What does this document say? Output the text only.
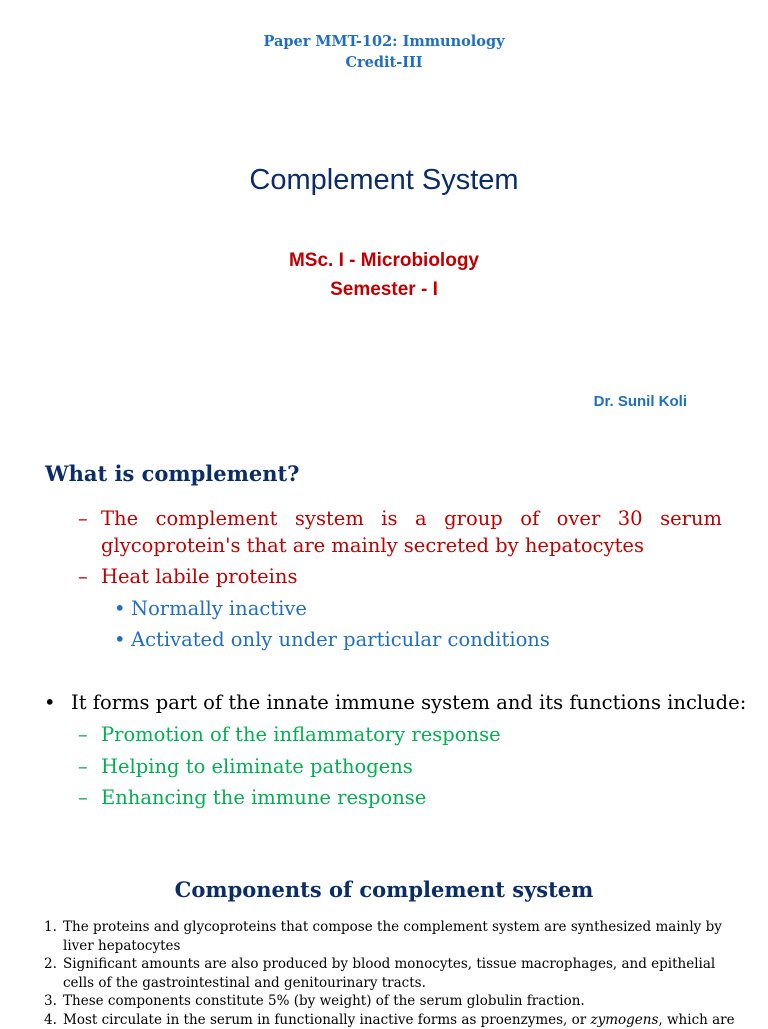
Paper MMT-102: Immunology
Credit-III
Complement System
MSc. I - Microbiology
Semester - I
Dr. Sunil Koli
What is complement?
– The complement system is a group of over 30 serum
glycoprotein's that are mainly secreted by hepatocytes
– Heat labile proteins
• Normally inactive
• Activated only under particular conditions
• It forms part of the innate immune system and its functions include:
– Promotion of the inflammatory response
– Helping to eliminate pathogens
– Enhancing the immune response
Components of complement system
1. The proteins and glycoproteins that compose the complement system are synthesized mainly by liver hepatocytes
2. Significant amounts are also produced by blood monocytes, tissue macrophages, and epithelial cells of the gastrointestinal and genitourinary tracts.
3. These components constitute 5% (by weight) of the serum globulin fraction.
4. Most circulate in the serum in functionally inactive forms as proenzymes, or zymogens, which are
